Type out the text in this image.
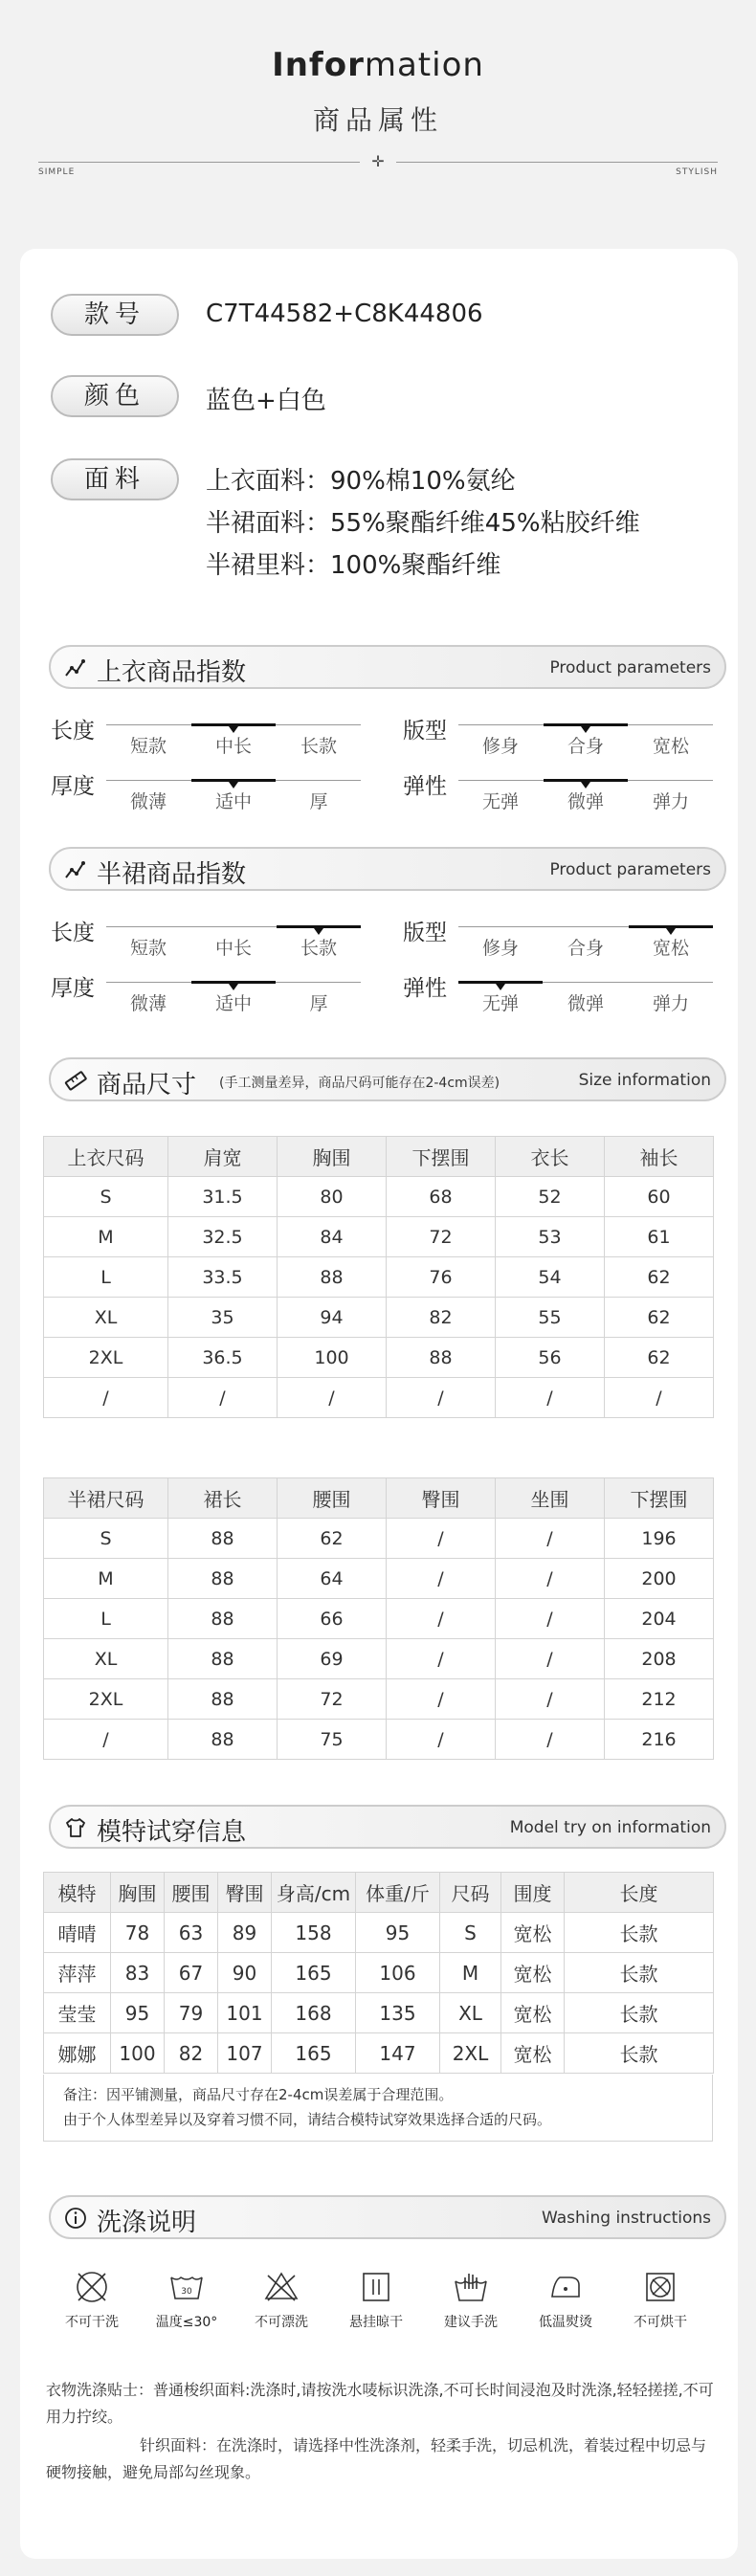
Information
商品属性
✛
SIMPLE	STYLISH
款号	C7T44582+C8K44806
颜色	蓝色+白色
面料	上衣面料：90%棉10%氨纶
半裙面料：55%聚酯纤维45%粘胶纤维
半裙里料：100%聚酯纤维
上衣商品指数	Product parameters
半裙商品指数	Product parameters
商品尺寸 (手工测量差异，商品尺码可能存在2-4cm误差)	Size information
上衣尺码	肩宽	胸围	下摆围	衣长	袖长
S	31.5	80	68	52	60
M	32.5	84	72	53	61
L	33.5	88	76	54	62
XL	35	94	82	55	62
2XL	36.5	100	88	56	62
/	/	/	/	/	/
半裙尺码	裙长	腰围	臀围	坐围	下摆围
S	88	62	/	/	196
M	88	64	/	/	200
L	88	66	/	/	204
XL	88	69	/	/	208
2XL	88	72	/	/	212
/	88	75	/	/	216
模特试穿信息	Model try on information
模特	胸围	腰围	臀围	身高/cm	体重/斤	尺码	围度	长度
晴晴	78	63	89	158	95	S	宽松	长款
萍萍	83	67	90	165	106	M	宽松	长款
莹莹	95	79	101	168	135	XL	宽松	长款
娜娜	100	82	107	165	147	2XL	宽松	长款
备注：因平铺测量，商品尺寸存在2-4cm误差属于合理范围。
由于个人体型差异以及穿着习惯不同，请结合模特试穿效果选择合适的尺码。
洗涤说明	Washing instructions
长度
短款	中长	长款
版型
修身	合身	宽松
厚度
微薄	适中	厚
弹性
无弹	微弹	弹力
长度
短款	中长	长款
版型
修身	合身	宽松
厚度
微薄	适中	厚
弹性
无弹	微弹	弹力
不可干洗
30
温度≤30°	不可漂洗	悬挂晾干	建议手洗	低温熨烫	不可烘干
衣物洗涤贴士：普通梭织面料:洗涤时,请按洗水唛标识洗涤,不可长时间浸泡及时洗涤,轻轻搓搓,不可用力拧绞。
针织面料：在洗涤时，请选择中性洗涤剂，轻柔手洗，切忌机洗，着装过程中切忌与硬物接触，避免局部勾丝现象。
